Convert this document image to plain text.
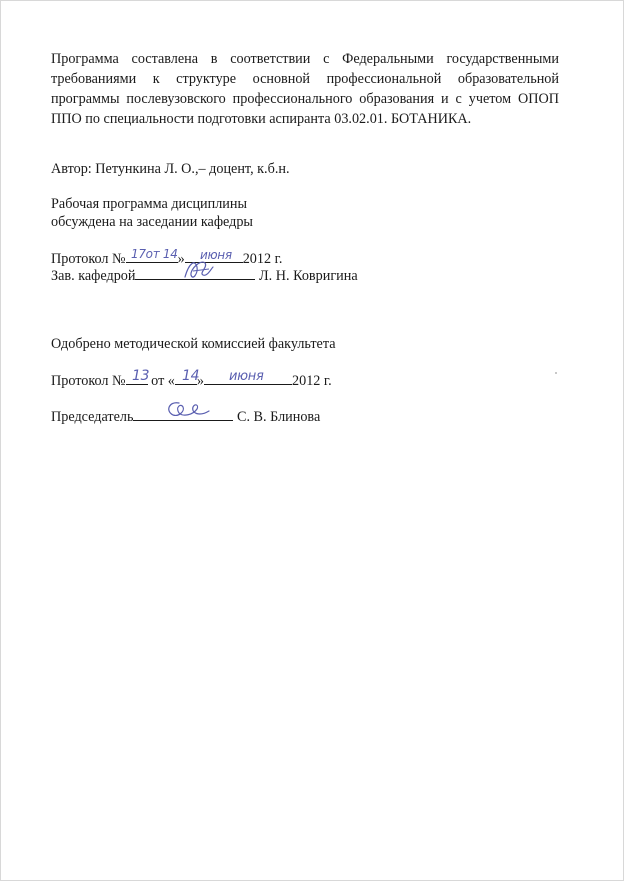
Программа составлена в соответствии с Федеральными государственными
требованиями к структуре основной профессиональной образовательной
программы послевузовского профессионального образования и с учетом ОПОП
ППО по специальности подготовки аспиранта 03.02.01. БОТАНИКА.
Автор: Петункина Л. О.,– доцент, к.б.н.
Рабочая программа дисциплины
обсуждена на заседании кафедры
Протокол №	»	2012 г.
17от 14 июня
Зав. кафедрой	Л. Н. Ковригина
Одобрено методической комиссией факультета
Протокол № от « »	2012 г.
13 14 июня
Председатель	С. В. Блинова
